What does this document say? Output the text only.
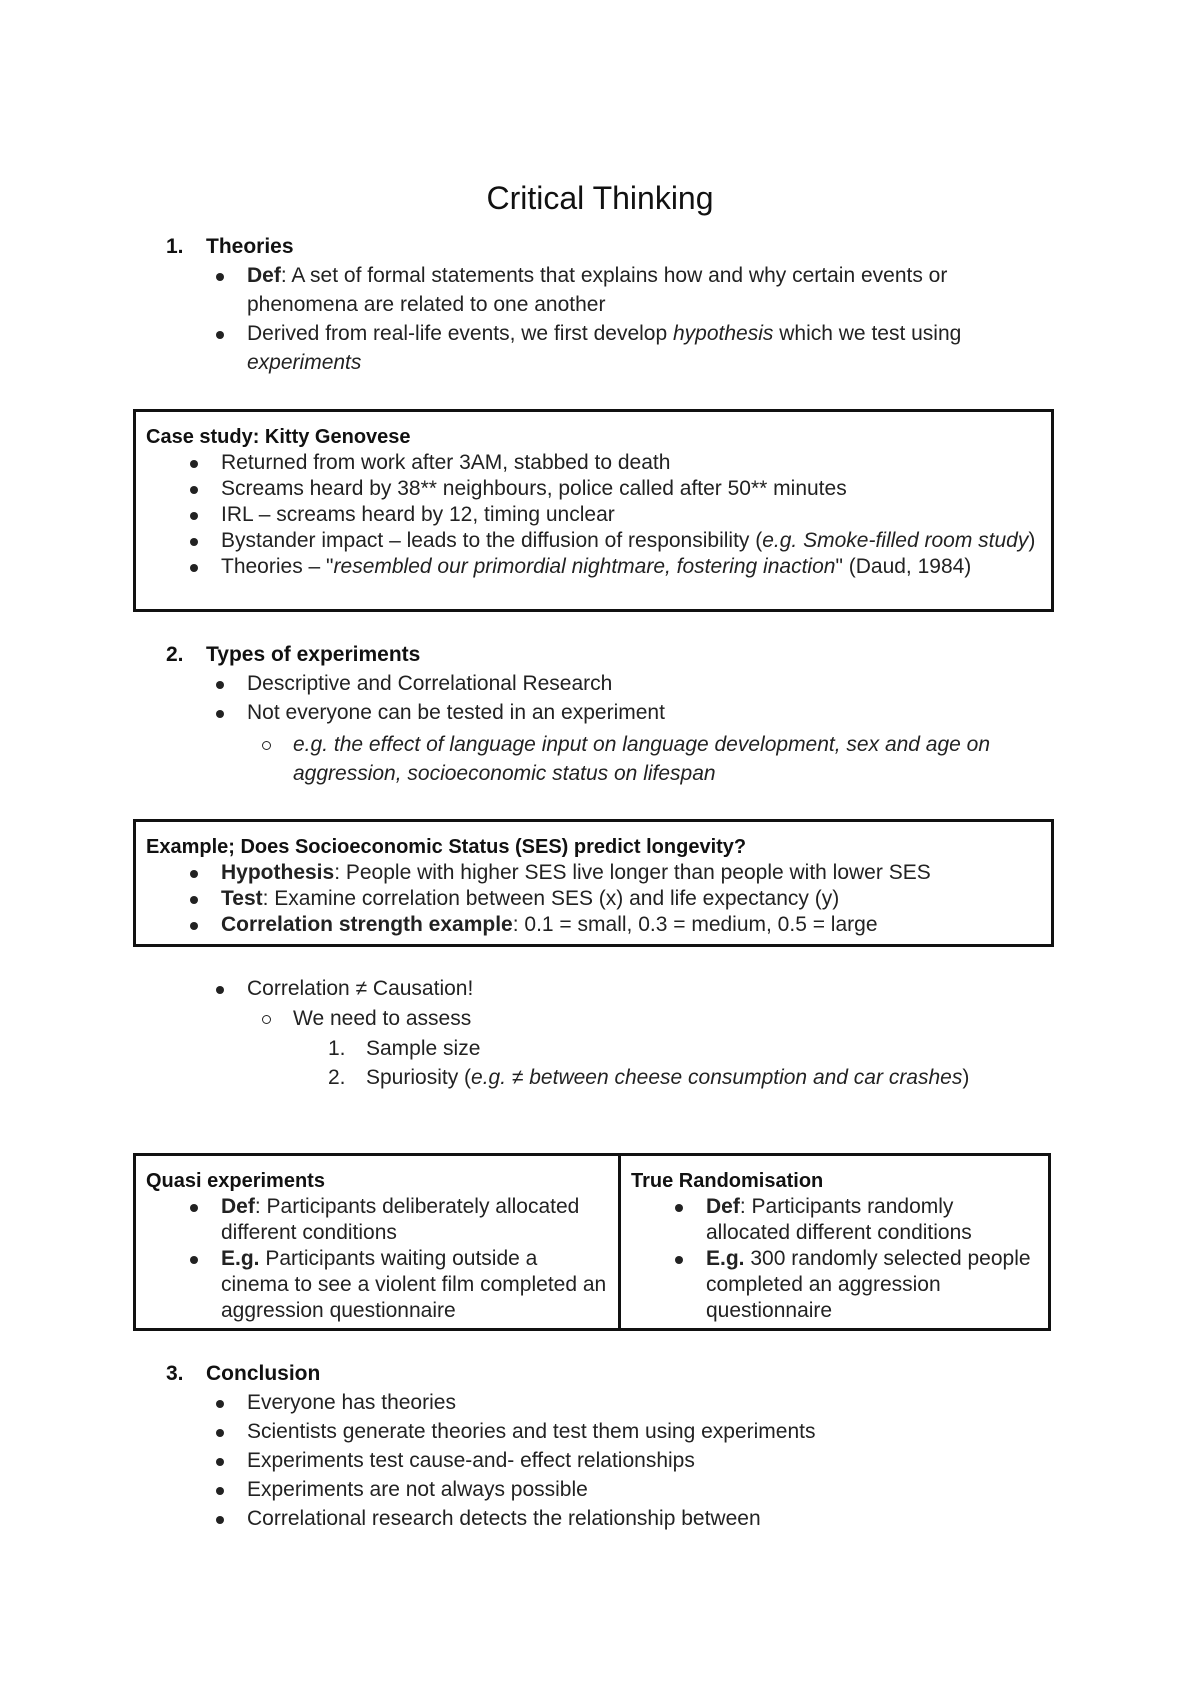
Critical Thinking
1. Theories
Def: A set of formal statements that explains how and why certain events or phenomena are related to one another
Derived from real-life events, we first develop hypothesis which we test using experiments
Case study: Kitty Genovese
Returned from work after 3AM, stabbed to death
Screams heard by 38** neighbours, police called after 50** minutes
IRL – screams heard by 12, timing unclear
Bystander impact – leads to the diffusion of responsibility (e.g. Smoke-filled room study)
Theories – "resembled our primordial nightmare, fostering inaction" (Daud, 1984)
2. Types of experiments
Descriptive and Correlational Research
Not everyone can be tested in an experiment
e.g. the effect of language input on language development, sex and age on aggression, socioeconomic status on lifespan
Example; Does Socioeconomic Status (SES) predict longevity?
Hypothesis: People with higher SES live longer than people with lower SES
Test: Examine correlation between SES (x) and life expectancy (y)
Correlation strength example: 0.1 = small, 0.3 = medium, 0.5 = large
Correlation ≠ Causation!
We need to assess
1. Sample size
2. Spuriosity (e.g. ≠ between cheese consumption and car crashes)
Quasi experiments
Def: Participants deliberately allocated different conditions
E.g. Participants waiting outside a cinema to see a violent film completed an aggression questionnaire
True Randomisation
Def: Participants randomly allocated different conditions
E.g. 300 randomly selected people completed an aggression questionnaire
3. Conclusion
Everyone has theories
Scientists generate theories and test them using experiments
Experiments test cause-and- effect relationships
Experiments are not always possible
Correlational research detects the relationship between
